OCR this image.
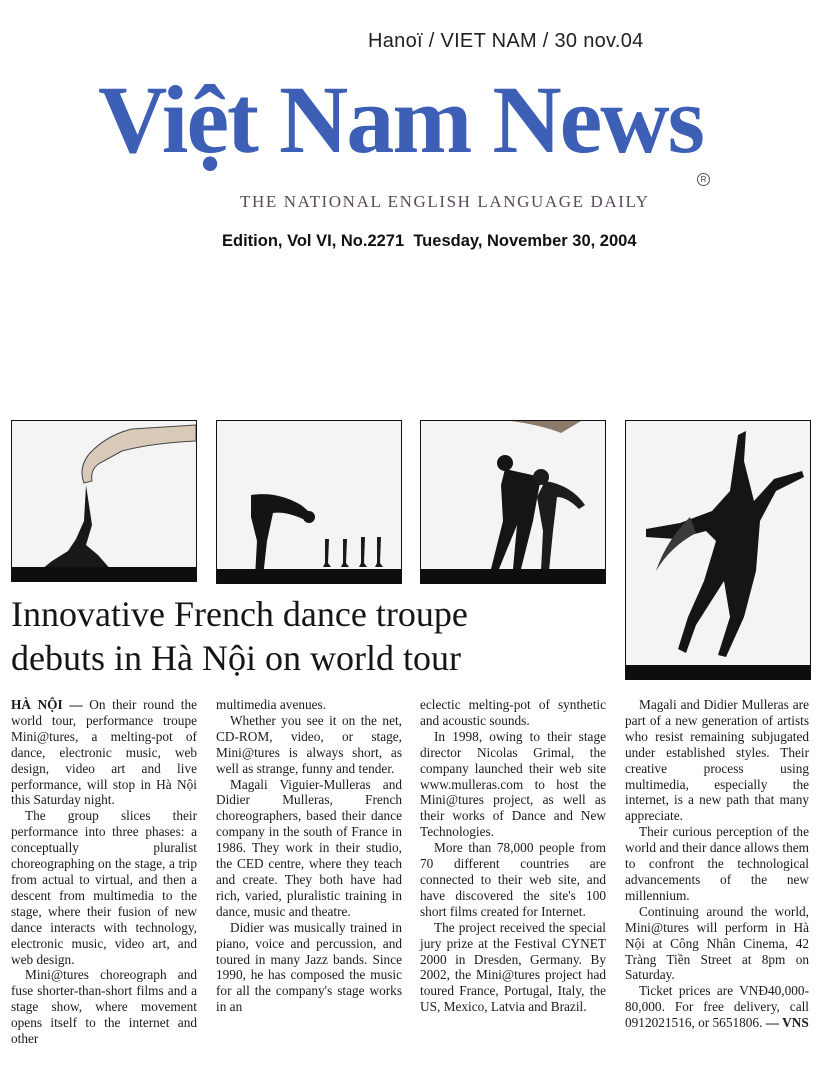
Hanoï / VIET NAM / 30 nov.04
Việt Nam News
R
THE NATIONAL ENGLISH LANGUAGE DAILY
Edition, Vol VI, No.2271 Tuesday, November 30, 2004
Innovative French dance troupe
debuts in Hà Nội on world tour

HÀ NỘI — On their round the world tour, performance troupe Mini@tures, a melting-pot of dance, electronic music, web design, video art and live performance, will stop in Hà Nội this Saturday night.

The group slices their performance into three phases: a conceptually pluralist choreographing on the stage, a trip from actual to virtual, and then a descent from multimedia to the stage, where their fusion of new dance interacts with technology, electronic music, video art, and web design.

Mini@tures choreograph and fuse shorter-than-short films and a stage show, where movement opens itself to the internet and other

multimedia avenues.

Whether you see it on the net, CD-ROM, video, or stage, Mini@tures is always short, as well as strange, funny and tender.

Magali Viguier-Mulleras and Didier Mulleras, French choreographers, based their dance company in the south of France in 1986. They work in their studio, the CED centre, where they teach and create. They both have had rich, varied, pluralistic training in dance, music and theatre.

Didier was musically trained in piano, voice and percussion, and toured in many Jazz bands. Since 1990, he has composed the music for all the company's stage works in an

eclectic melting-pot of synthetic and acoustic sounds.

In 1998, owing to their stage director Nicolas Grimal, the company launched their web site www.mulleras.com to host the Mini@tures project, as well as their works of Dance and New Technologies.

More than 78,000 people from 70 different countries are connected to their web site, and have discovered the site's 100 short films created for Internet.

The project received the special jury prize at the Festival CYNET 2000 in Dresden, Germany. By 2002, the Mini@tures project had toured France, Portugal, Italy, the US, Mexico, Latvia and Brazil.

Magali and Didier Mulleras are part of a new generation of artists who resist remaining subjugated under established styles. Their creative process using multimedia, especially the internet, is a new path that many appreciate.

Their curious perception of the world and their dance allows them to confront the technological advancements of the new millennium.

Continuing around the world, Mini@tures will perform in Hà Nội at Công Nhân Cinema, 42 Tràng Tiền Street at 8pm on Saturday.

Ticket prices are VNĐ40,000-80,000. For free delivery, call 0912021516, or 5651806. — VNS
